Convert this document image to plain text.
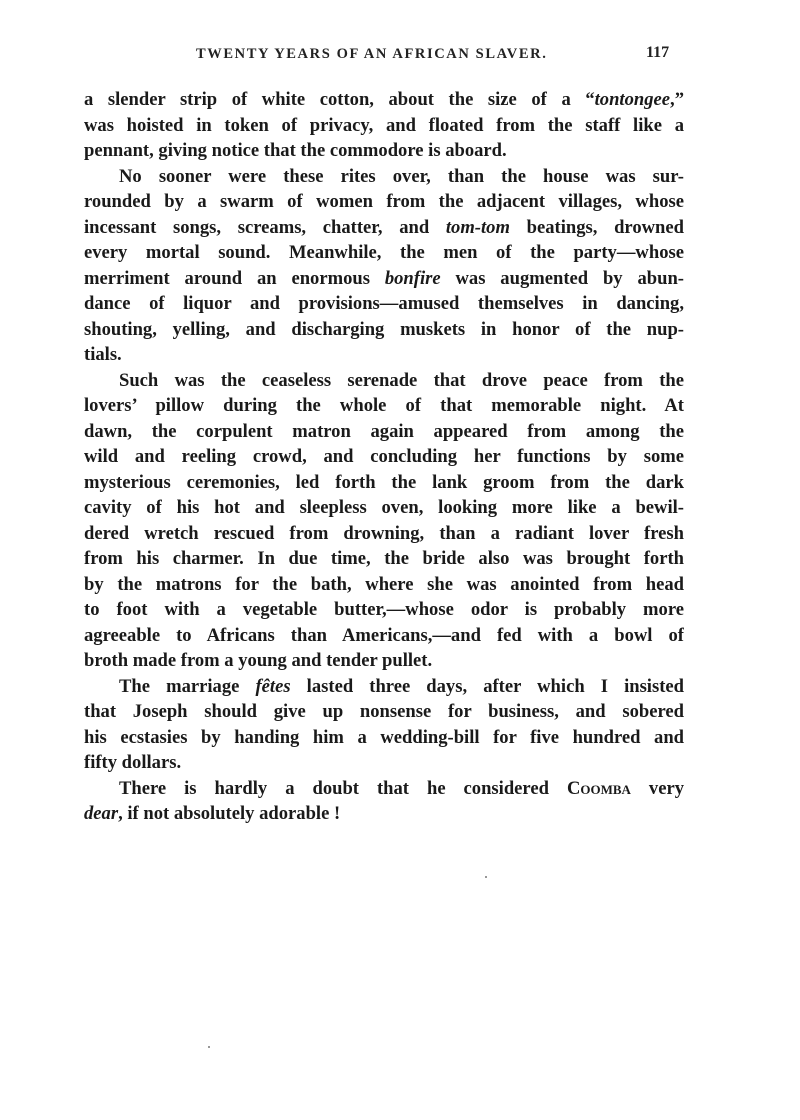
TWENTY YEARS OF AN AFRICAN SLAVER.	117
a slender strip of white cotton, about the size of a “tontongee,”
was hoisted in token of privacy, and floated from the staff like a
pennant, giving notice that the commodore is aboard.
No sooner were these rites over, than the house was sur-
rounded by a swarm of women from the adjacent villages, whose
incessant songs, screams, chatter, and tom-tom beatings, drowned
every mortal sound. Meanwhile, the men of the party—whose
merriment around an enormous bonfire was augmented by abun-
dance of liquor and provisions—amused themselves in dancing,
shouting, yelling, and discharging muskets in honor of the nup-
tials.
Such was the ceaseless serenade that drove peace from the
lovers’ pillow during the whole of that memorable night. At
dawn, the corpulent matron again appeared from among the
wild and reeling crowd, and concluding her functions by some
mysterious ceremonies, led forth the lank groom from the dark
cavity of his hot and sleepless oven, looking more like a bewil-
dered wretch rescued from drowning, than a radiant lover fresh
from his charmer. In due time, the bride also was brought forth
by the matrons for the bath, where she was anointed from head
to foot with a vegetable butter,—whose odor is probably more
agreeable to Africans than Americans,—and fed with a bowl of
broth made from a young and tender pullet.
The marriage fêtes lasted three days, after which I insisted
that Joseph should give up nonsense for business, and sobered
his ecstasies by handing him a wedding-bill for five hundred and
fifty dollars.
There is hardly a doubt that he considered Coomba very
dear, if not absolutely adorable !
